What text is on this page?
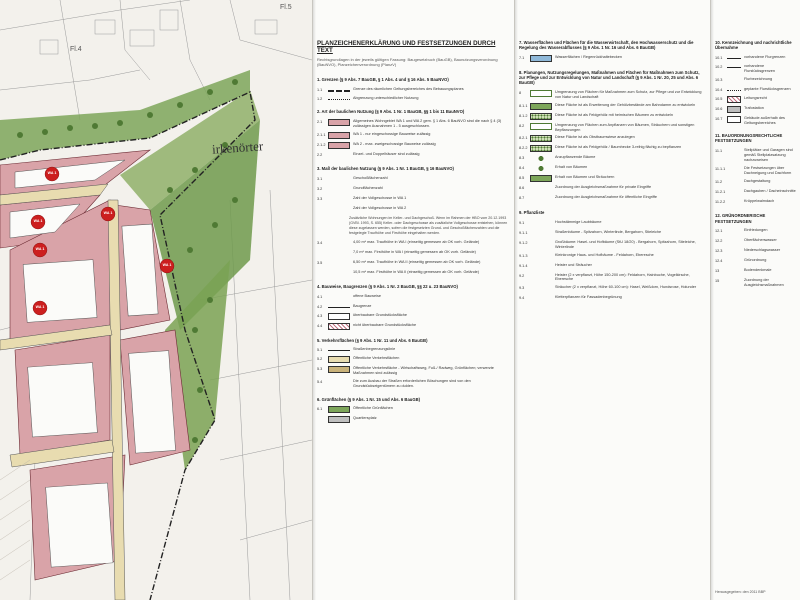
irkenörter
Fl.4
Fl.5
WA 1
WA 1
WA 1
WA 1
WA 1
WA 1
PLANZEICHENERKLÄRUNG UND FESTSETZUNGEN DURCH TEXT
Rechtsgrundlagen in der jeweils gültigen Fassung: Baugesetzbuch (BauGB), Baunutzungsverordnung (BauNVO), Planzeichenverordnung (PlanzV)
1. Grenzen (§ 9 Abs. 7 BauGB, § 1 Abs. 4 und § 16 Abs. 5 BauNVO)
1.1	Grenze des räumlichen Geltungsbereiches des Bebauungsplanes
1.2	Abgrenzung unterschiedlicher Nutzung
2. Art der baulichen Nutzung (§ 9 Abs. 1 Nr. 1 BauGB, §§ 1 bis 11 BauNVO)
2.1	Allgemeines Wohngebiet WA 1 und WA 2 gem. § 1 Abs. 6 BauNVO sind die nach § 4 (3) zulässigen Ausnahmen 1 - 5 ausgeschlossen.
2.1.1	WA 1 - nur eingeschossige Bauweise zulässig
2.1.2	WA 2 - max. zweigeschossige Bauweise zulässig
2.2	Einzel- und Doppelhäuser sind zulässig
3. Maß der baulichen Nutzung (§ 9 Abs. 1 Nr. 1 BauGB, § 16 BauNVO)
3.1	Geschoßflächenzahl
3.2	Grundflächenzahl
3.3	Zahl der Vollgeschosse in WA 1
Zahl der Vollgeschosse in WA 2
Zusätzliche Wohnungen im Keller- und Dachgeschoß. Wenn im Rahmen der HBO vom 20.12.1993 (GVBl. 1993, S. 655) Keller- oder Dachgeschosse als zusätzliche Vollgeschosse entstehen, können diese zugelassen werden, sofern die festgesetzten Grund- und Geschoßflächenzahlen und die festgelegte Traufhöhe und Firsthöhe eingehalten werden.
3.4	4,00 m* max. Traufhöhe in WA I (einseitig gemessen ab OK vorh. Gelände)
7,0 m* max. Firsthöhe in WA I (einseitig gemessen ab OK vorh. Gelände)
3.5	6,50 m* max. Traufhöhe in WA II (einseitig gemessen ab OK vorh. Gelände)
10,5 m* max. Firsthöhe in WA II (einseitig gemessen ab OK vorh. Gelände)
4. Bauweise, Baugrenzen (§ 9 Abs. 1 Nr. 2 BauGB, §§ 22 u. 23 BauNVO)
4.1	offene Bauweise
4.2	Baugrenze
4.3	überbaubare Grundstücksfläche
4.4	nicht überbaubare Grundstücksfläche
5. Verkehrsflächen (§ 9 Abs. 1 Nr. 11 und Abs. 6 BauGB)
5.1	Straßenbegrenzungslinie
5.2	Öffentliche Verkehrsflächen
5.3	Öffentliche Verkehrsfläche - Wirtschaftsweg, Fuß-/ Radweg, Grünflächen; verwerzte Maßnahmen sind zulässig
5.4	Die zum Ausbau der Straßen erforderlichen Böschungen sind von den Grundstückseigentümern zu dulden.
6. Grünflächen (§ 9 Abs. 1 Nr. 15 und Abs. 6 BauGB)
6.1	Öffentliche Grünflächen
Quartiersplatz
7. Wasserflächen und Flächen für die Wasserwirtschaft, den Hochwasserschutz und die Regelung des Wasserabflusses (§ 9 Abs. 1 Nr. 16 und Abs. 6 BauGB)
7.1	Wasserflächen / Regenrückhaltebecken
8. Planungen, Nutzungsregelungen, Maßnahmen und Flächen für Maßnahmen zum Schutz, zur Pflege und zur Entwicklung von Natur und Landschaft (§ 9 Abs. 1 Nr. 20, 25 und Abs. 6 BauGB)
8	Umgrenzung von Flächen für Maßnahmen zum Schutz, zur Pflege und zur Entwicklung von Natur und Landschaft
8.1.1	Diese Fläche ist als Erweiterung der Gehölzbestände am Bahndamm zu entwickeln
8.1.2	Diese Fläche ist als Feldgehölz mit heimischen Bäumen zu entwickeln
8.2	Umgrenzung von Flächen zum Anpflanzen von Bäumen, Sträuchern und sonstigen Bepflanzungen
8.2.1	Diese Fläche ist als Obstbaumwiese anzulegen
8.2.2	Diese Fläche ist als Feldgehölz / Baumhecke 3-reihig flächig zu bepflanzen
8.3	Anzupflanzende Bäume
8.4	Erhalt von Bäumen
8.5	Erhalt von Bäumen und Sträuchern
8.6	Zuordnung der Ausgleichsmaßnahme für private Eingriffe
8.7	Zuordnung der Ausgleichsmaßnahme für öffentliche Eingriffe
9. Pflanzliste
9.1	Hochstämmige Laubbäume
9.1.1	Straßenbäume - Spitzahorn, Winterlinde, Bergahorn, Stieleiche
9.1.2	Großbäume: Hasel- und Hofbäume (StU 18/20) - Bergahorn, Spitzahorn, Stieleiche, Winterlinde
9.1.3	Kleinkronige Haus- und Hofbäume - Feldahorn, Eberesche
9.1.4	Heister und Sträucher
9.2	Heister (2 x verpflanzt, Höhe 150-200 cm): Feldahorn, Hainbuche, Vogelkirsche, Eberesche
9.3	Sträucher (2 x verpflanzt, Höhe 60-100 cm): Hasel, Weißdorn, Hundsrose, Holunder
9.4	Kletterpflanzen für Fassadenbegrünung
10. Kennzeichnung und nachrichtliche Übernahme
10.1	vorhandene Flurgrenzen
10.2	vorhandene Flurstücksgrenzen
10.3	Flurbezeichnung
10.4	geplante Flurstücksgrenzen
10.5	Leitungsrecht
10.6	Trafostation
10.7	Gebäude außerhalb des Geltungsbereiches
11. BAUORDNUNGSRECHTLICHE FESTSETZUNGEN
11.1	Stellplätze und Garagen sind gemäß Stellplatzsatzung nachzuweisen
11.1.1	Die Festsetzungen über Dachneigung und Dachform
11.2	Dachgestaltung
11.2.1	Dachgauben / Dacheinschnitte
11.2.2	Krüppelwalmdach
12. GRÜNORDNERISCHE FESTSETZUNGEN
12.1	Einfriedungen
12.2	Oberflächenwasser
12.3	Niederschlagswasser
12.4	Grünordnung
13	Bodendenkmale
15	Zuordnung der Ausgleichsmaßnahmen
Herausgegeben: den 2011 BBP
